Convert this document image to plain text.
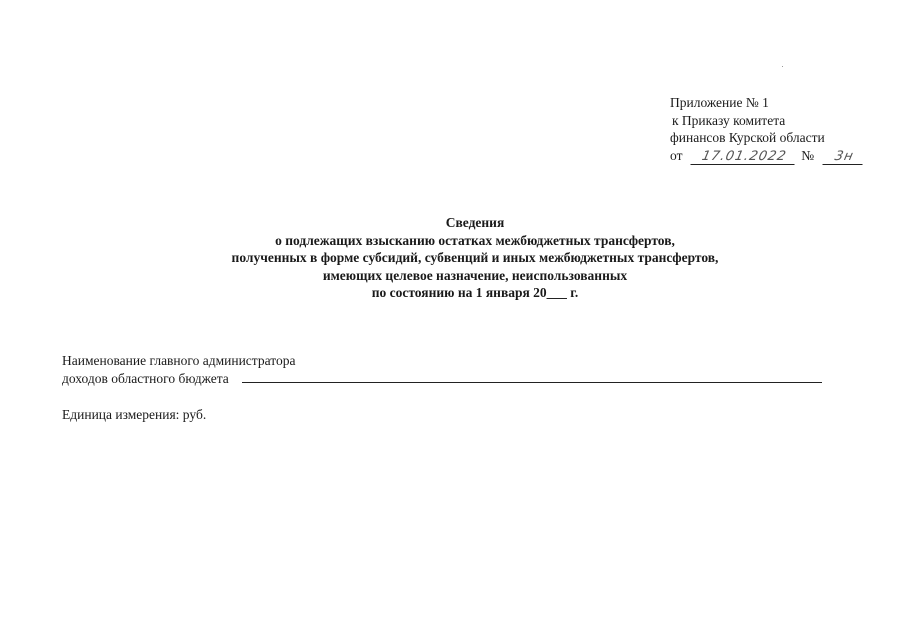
Приложение № 1
к Приказу комитета
финансов Курской области
от 17.01.2022 № 3н
Сведения
о подлежащих взысканию остатках межбюджетных трансфертов,
полученных в форме субсидий, субвенций и иных межбюджетных трансфертов,
имеющих целевое назначение, неиспользованных
по состоянию на 1 января 20___ г.
Наименование главного администратора
доходов областного бюджета
Единица измерения: руб.
